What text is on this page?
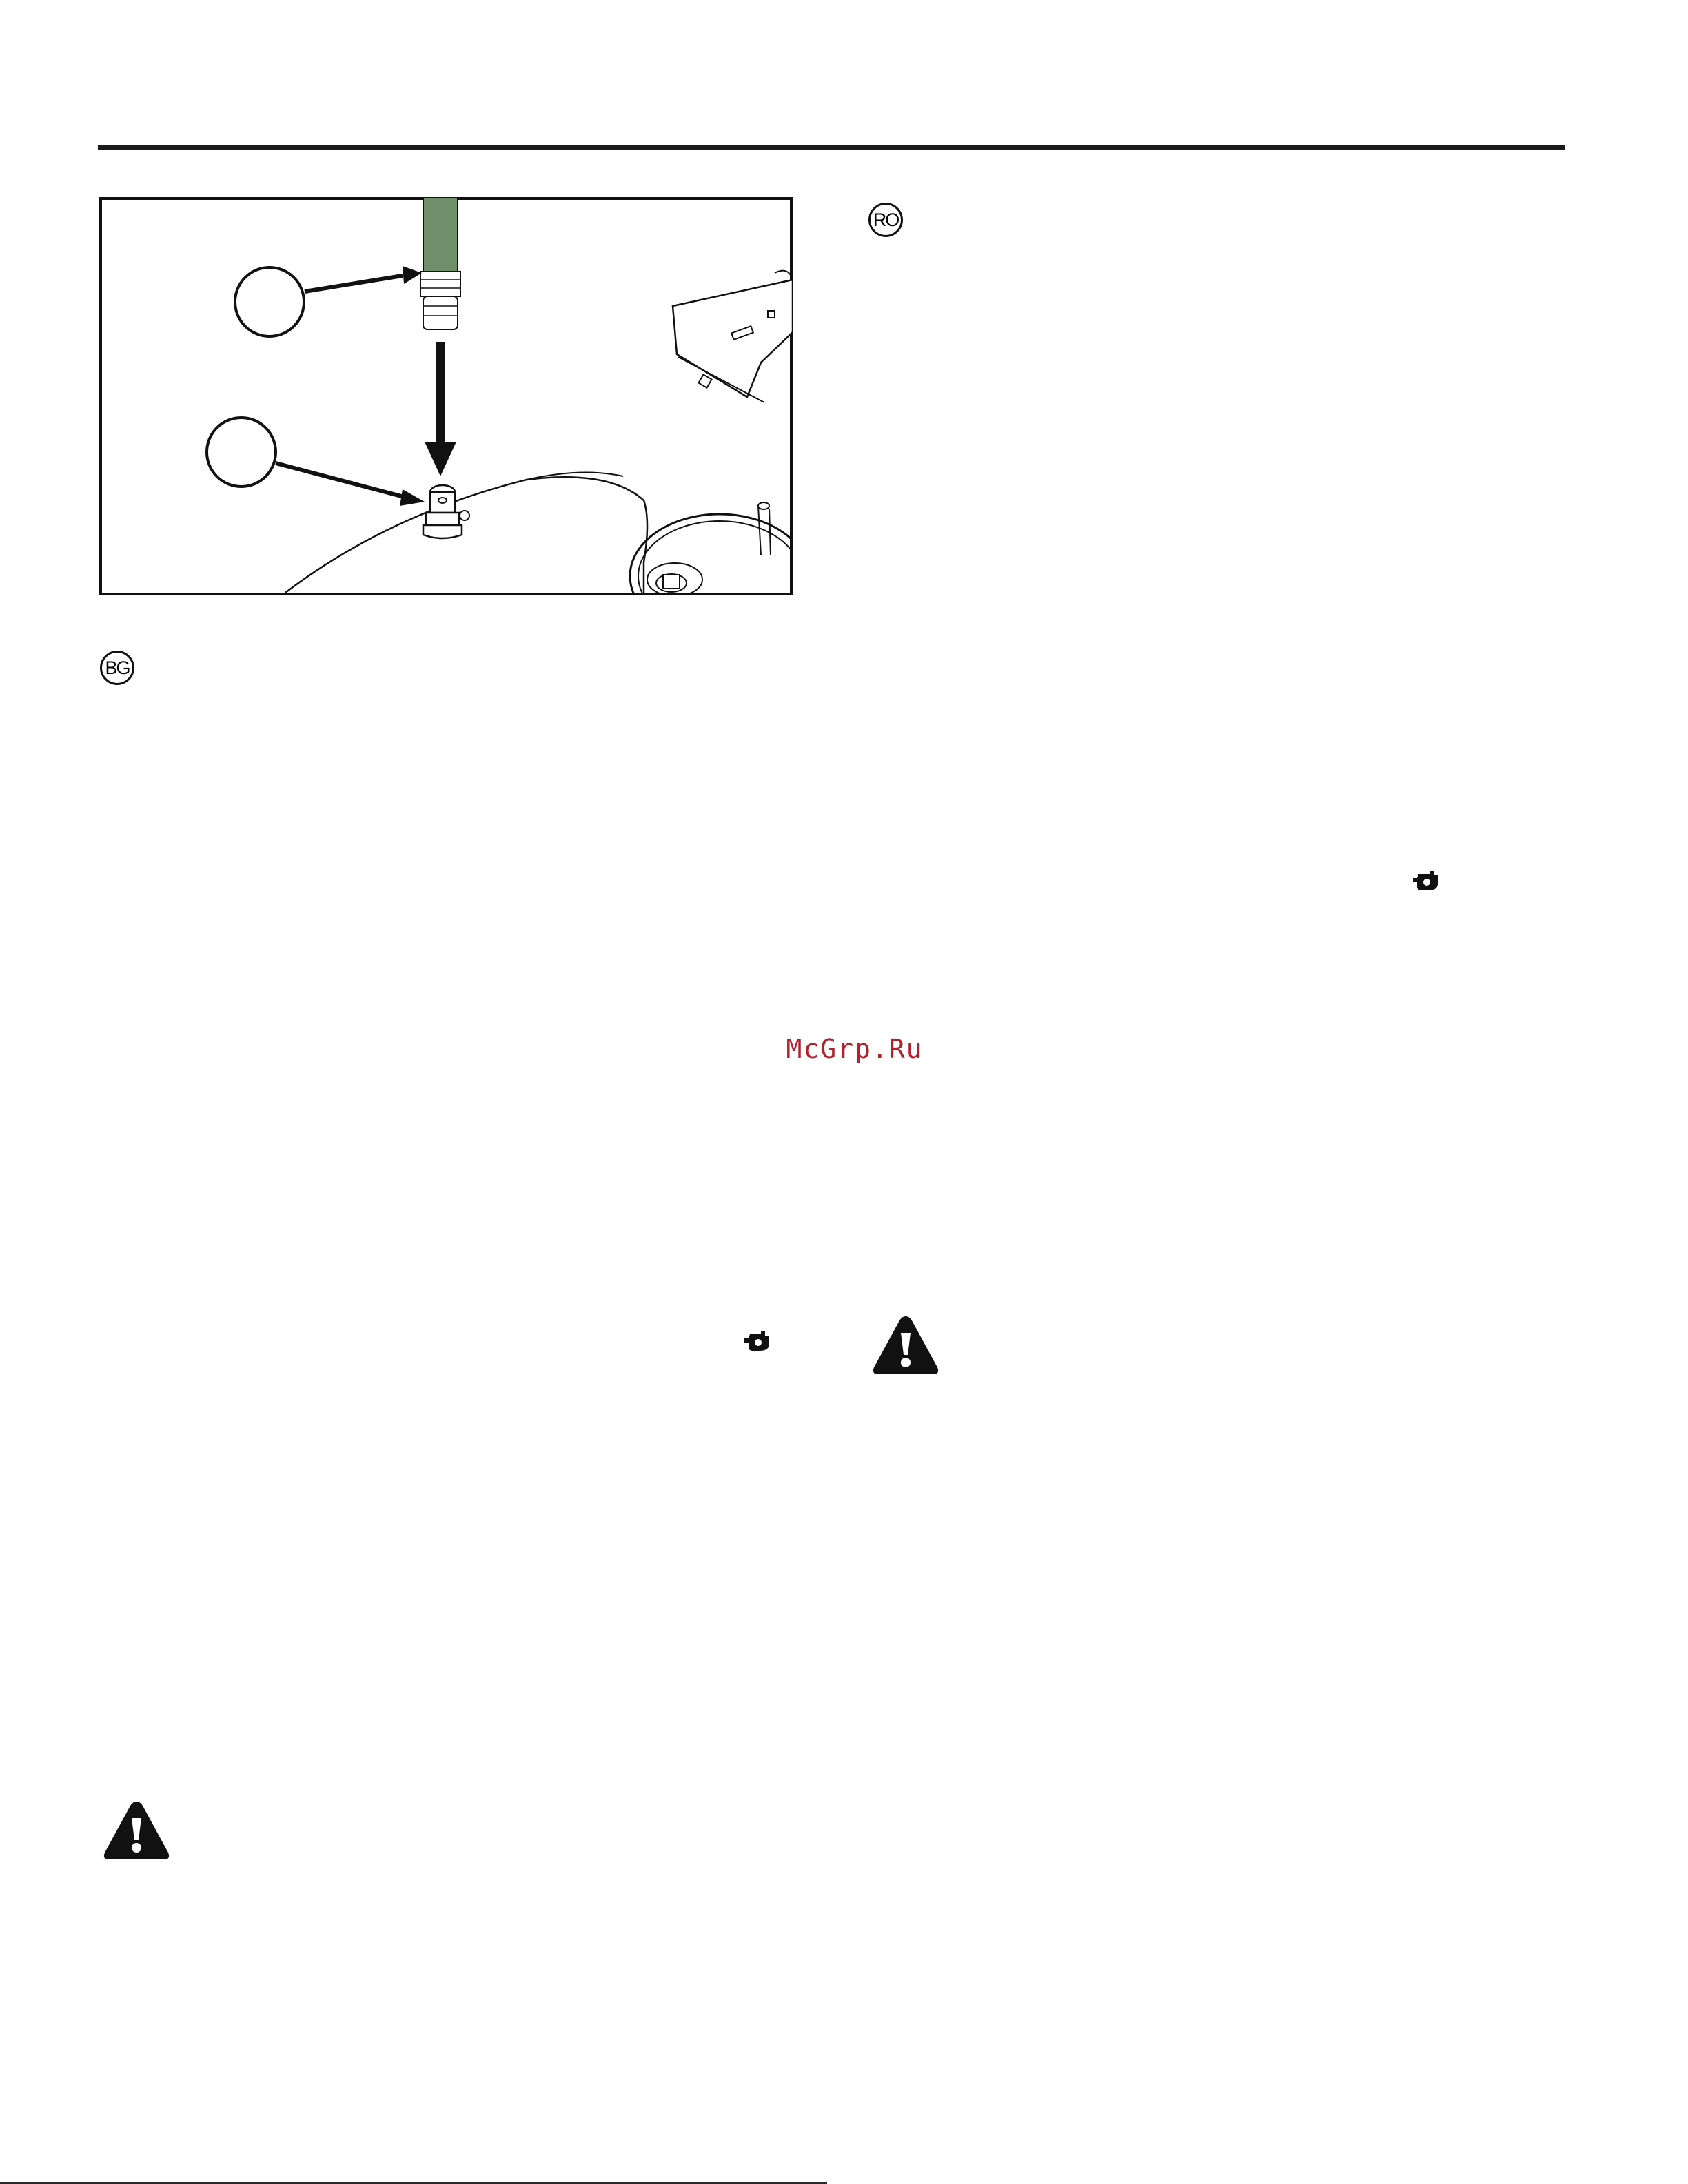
BG
RO
McGrp.Ru
